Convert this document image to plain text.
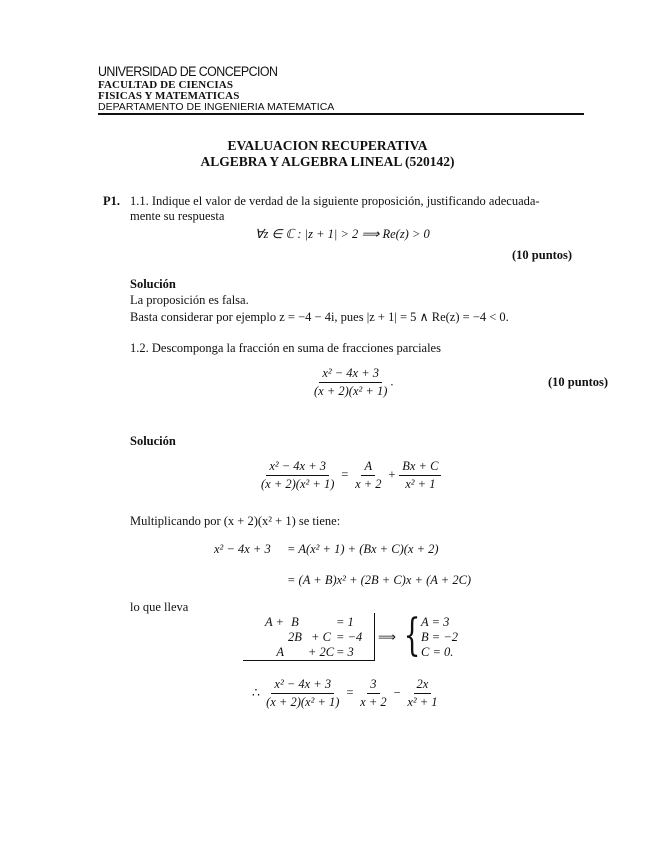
UNIVERSIDAD DE CONCEPCION
FACULTAD DE CIENCIAS
FISICAS Y MATEMATICAS
DEPARTAMENTO DE INGENIERIA MATEMATICA
EVALUACION RECUPERATIVA
ALGEBRA Y ALGEBRA LINEAL (520142)
P1. 1.1. Indique el valor de verdad de la siguiente proposición, justificando adecuada-
mente su respuesta
∀z ∈ ℂ : |z + 1| > 2 ⟹ Re(z) > 0
(10 puntos)
Solución
La proposición es falsa.
Basta considerar por ejemplo z = −4 − 4i, pues |z + 1| = 5 ∧ Re(z) = −4 < 0.
1.2. Descomponga la fracción en suma de fracciones parciales
$\frac{\text{x² − 4x + 3}}{\text{(x + 2)(x² + 1)}}$ .	(10 puntos)
Solución
$\frac{\text{x² − 4x + 3}}{\text{(x + 2)(x² + 1)}} = \frac{A}{x + 2} + \frac{Bx + C}{\text{x² + 1}}$
Multiplicando por (x + 2)(x² + 1) se tiene:
x² − 4x + 3 = A(x² + 1) + (Bx + C)(x + 2)
= (A + B)x² + (2B + C)x + (A + 2C)
lo que lleva
A + B	= 1
2B + C = −4
A + 2C = 3
⟹ { A = 3
B = −2
C = 0.
∴ $\frac{\text{x² − 4x + 3}}{\text{(x + 2)(x² + 1)}} = \frac{3}{x + 2} - \frac{2x}{\text{x² + 1}}$
